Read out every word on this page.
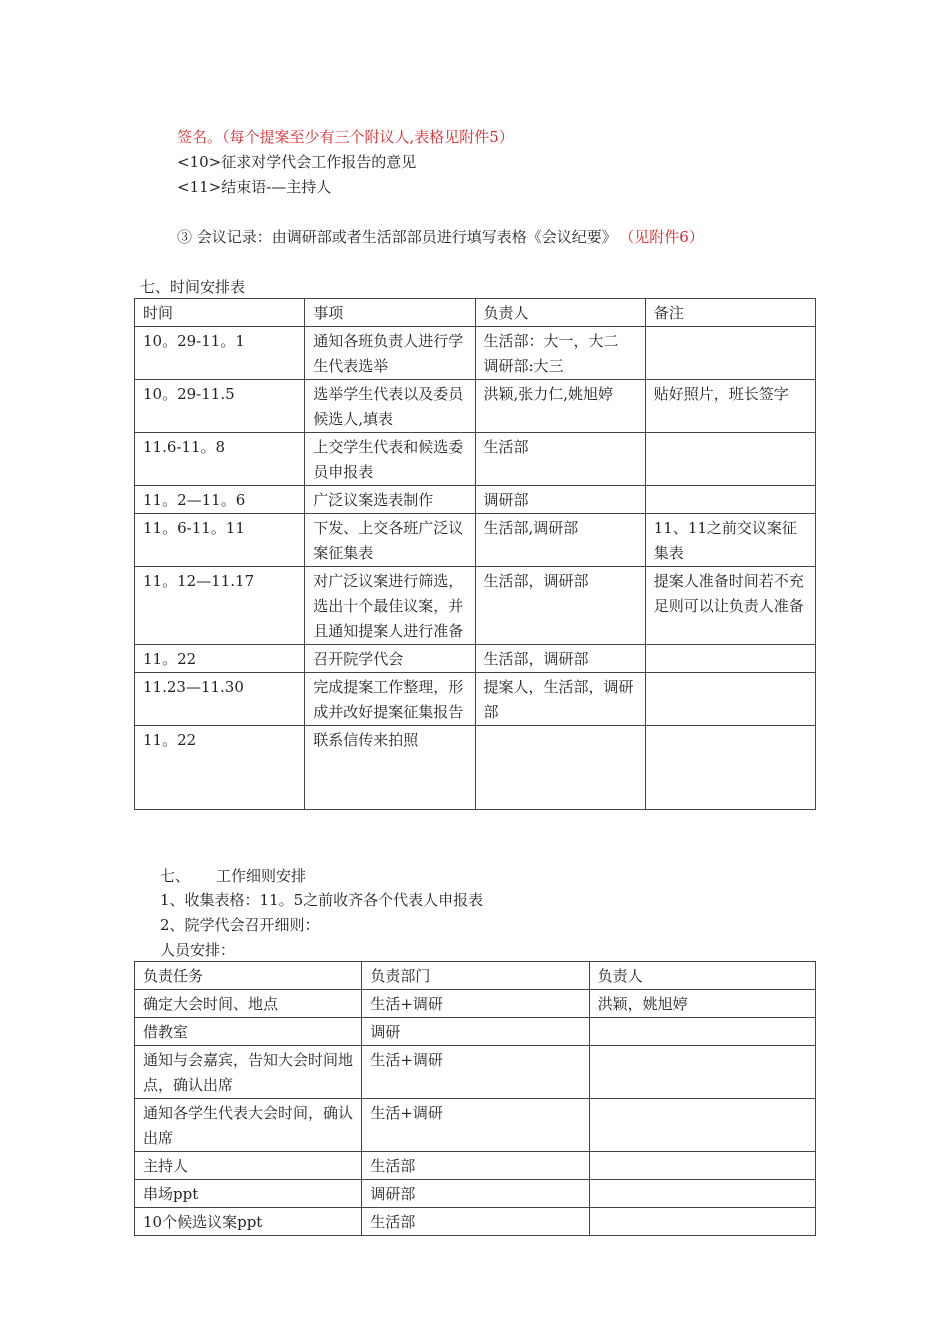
签名。（每个提案至少有三个附议人,表格见附件5）
<10>征求对学代会工作报告的意见
<11>结束语-—主持人
③ 会议记录：由调研部或者生活部部员进行填写表格《会议纪要》 （见附件6）
七、时间安排表
时间	事项	负责人	备注
10。29-11。1	通知各班负责人进行学生代表选举	生活部：大一，大二
调研部:大三	

10。29-11.5	选举学生代表以及委员候选人,填表	洪颖,张力仁,姚旭婷	贴好照片，班长签字
11.6-11。8	上交学生代表和候选委员申报表	生活部	
11。2—11。6	广泛议案选表制作	调研部	
11。6-11。11	下发、上交各班广泛议案征集表	生活部,调研部	11、11之前交议案征集表
11。12—11.17	对广泛议案进行筛选，选出十个最佳议案，并且通知提案人进行准备	生活部，调研部	提案人准备时间若不充足则可以让负责人准备
11。22	召开院学代会	生活部，调研部	
11.23—11.30	完成提案工作整理，形成并改好提案征集报告	提案人，生活部，调研部	
11。22	联系信传来拍照		
七、 工作细则安排
1、收集表格：11。5之前收齐各个代表人申报表
2、院学代会召开细则：
人员安排：
负责任务	负责部门	负责人
确定大会时间、地点	生活+调研	洪颖，姚旭婷
借教室	调研	
通知与会嘉宾，告知大会时间地点，确认出席	生活+调研	
通知各学生代表大会时间，确认出席	生活+调研	
主持人	生活部	
串场ppt	调研部	
10个候选议案ppt	生活部	
